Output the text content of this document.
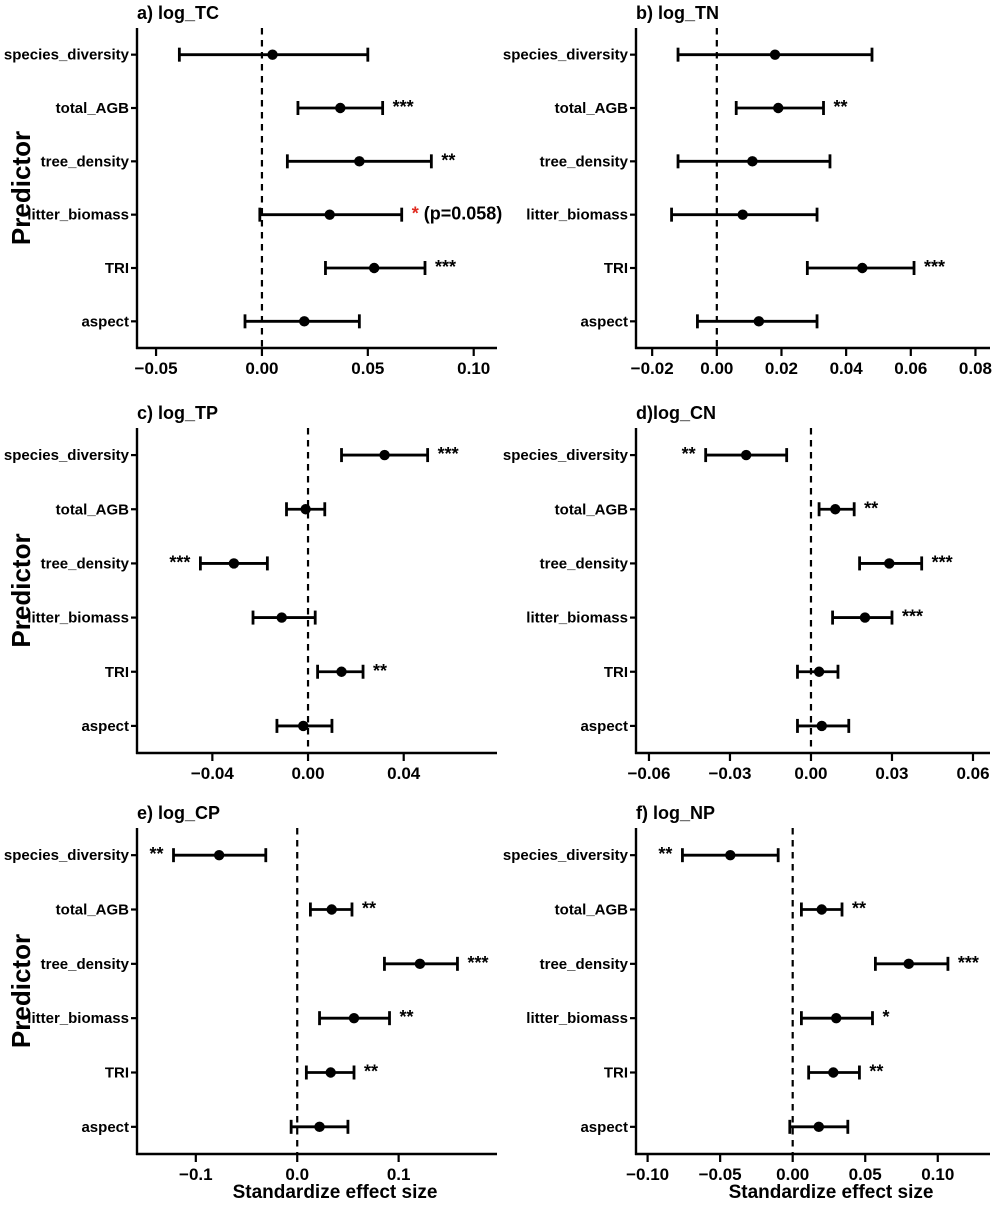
a) log_TC
species_diversity
total_AGB	***
tree_density	**
litter_biomass	* (p=0.058)
TRI	***
aspect
−0.05	0.00	0.05	0.10
Predictor
b) log_TN
species_diversity
total_AGB	**
tree_density
litter_biomass
TRI	***
aspect
−0.02 0.00 0.02 0.04 0.06 0.08
c) log_TP
species_diversity	***
total_AGB
tree_density ***
litter_biomass
TRI	**
aspect
−0.04	0.00	0.04
Predictor
d)log_CN
species_diversity	**
total_AGB	**
tree_density	***
litter_biomass	***
TRI
aspect
−0.06 −0.03	0.00	0.03	0.06
e) log_CP
species_diversity **
total_AGB	**
tree_density	***
litter_biomass	**
TRI	**
aspect
−0.1	0.0	0.1
Predictor
Standardize effect size
f) log_NP
species_diversity **
total_AGB	**
tree_density	***
litter_biomass	*
TRI	**
aspect
−0.10 −0.05 0.00 0.05 0.10
Standardize effect size
